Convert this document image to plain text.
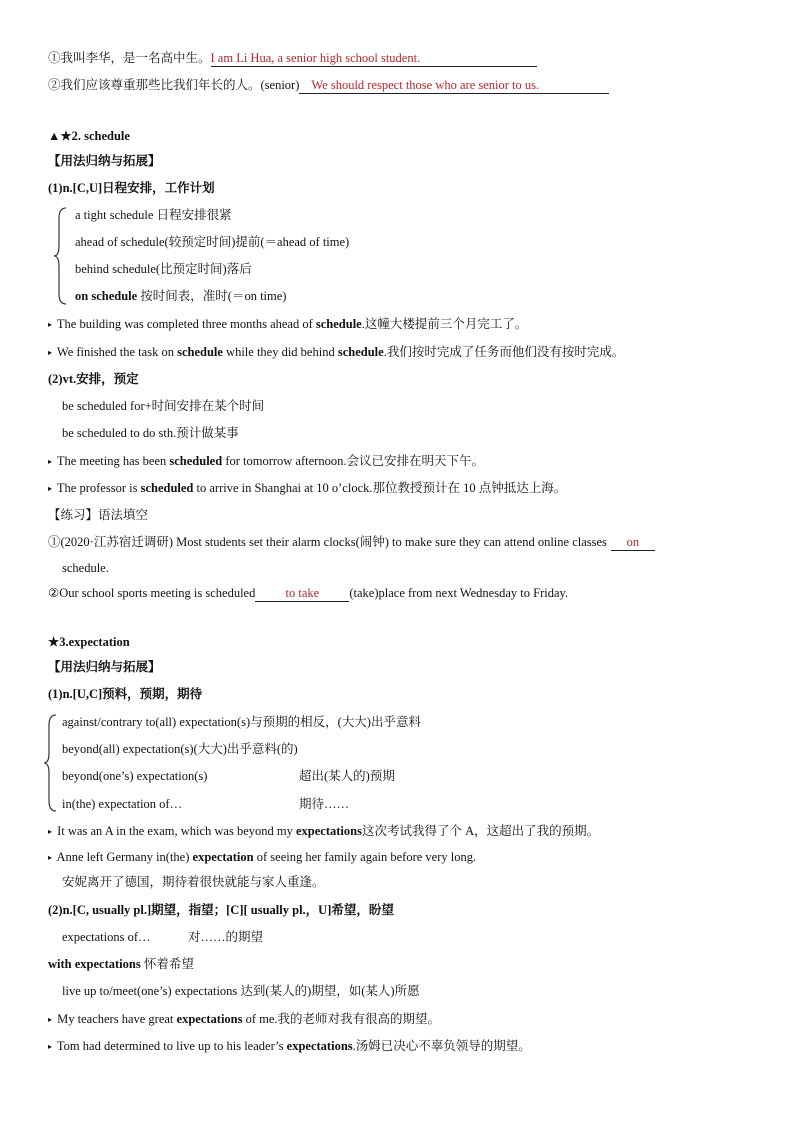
①我叫李华，是一名高中生。I am Li Hua, a senior high school student.
②我们应该尊重那些比我们年长的人。(senior) We should respect those who are senior to us.
▲★2. schedule
【用法归纳与拓展】
(1)n.[C,U]日程安排，工作计划
a tight schedule 日程安排很紧
ahead of schedule(较预定时间)提前(＝ahead of time)
behind schedule(比预定时间)落后
on schedule 按时间表，准时(＝on time)
▸ The building was completed three months ahead of schedule.这幢大楼提前三个月完工了。
▸ We finished the task on schedule while they did behind schedule.我们按时完成了任务而他们没有按时完成。
(2)vt.安排，预定
be scheduled for+时间安排在某个时间
be scheduled to do sth.预计做某事
▸ The meeting has been scheduled for tomorrow afternoon.会议已安排在明天下午。
▸ The professor is scheduled to arrive in Shanghai at 10 o’clock.那位教授预计在 10 点钟抵达上海。
【练习】语法填空
①(2020·江苏宿迁调研) Most students set their alarm clocks(闹钟) to make sure they can attend online classes on
schedule.
②Our school sports meeting is scheduled to take (take)place from next Wednesday to Friday.
★3.expectation
【用法归纳与拓展】
(1)n.[U,C]预料，预期，期待
against/contrary to(all) expectation(s)与预期的相反，(大大)出乎意料
beyond(all) expectation(s)(大大)出乎意料(的)
beyond(one’s) expectation(s)	超出(某人的)预期
in(the) expectation of…	期待……
▸ It was an A in the exam, which was beyond my expectations这次考试我得了个 A，这超出了我的预期。
▸ Anne left Germany in(the) expectation of seeing her family again before very long.
安妮离开了德国，期待着很快就能与家人重逢。
(2)n.[C, usually pl.]期望，指望；[C][ usually pl.，U]希望，盼望
expectations of…	对……的期望
with expectations 怀着希望
live up to/meet(one’s) expectations 达到(某人的)期望，如(某人)所愿
▸ My teachers have great expectations of me.我的老师对我有很高的期望。
▸ Tom had determined to live up to his leader’s expectations.汤姆已决心不辜负领导的期望。
